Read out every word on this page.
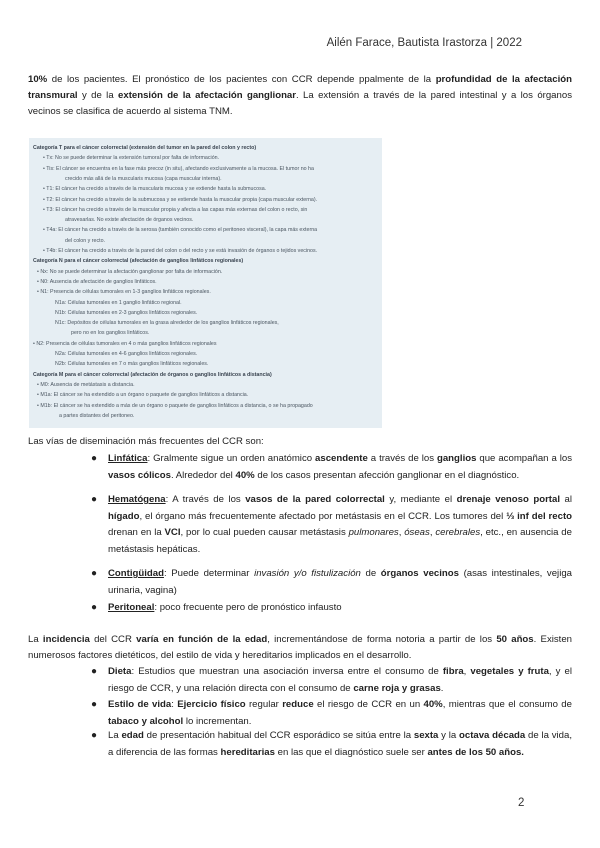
Ailén Farace, Bautista Irastorza | 2022
10% de los pacientes. El pronóstico de los pacientes con CCR depende ppalmente de la profundidad de la afectación transmural y de la extensión de la afectación ganglionar. La extensión a través de la pared intestinal y a los órganos vecinos se clasifica de acuerdo al sistema TNM.
Categoría T para el cáncer colorrectal (extensión del tumor en la pared del colon y recto)
• Tx: No se puede determinar la extensión tumoral por falta de información.
• Tis: El cáncer se encuentra en la fase más precoz (in situ), afectando exclusivamente a la mucosa. El tumor no ha
crecido más allá de la muscularis mucosa (capa muscular interna).
• T1: El cáncer ha crecido a través de la muscularis mucosa y se extiende hasta la submucosa.
• T2: El cáncer ha crecido a través de la submucosa y se extiende hasta la muscular propia (capa muscular externa).
• T3: El cáncer ha crecido a través de la muscular propia y afecta a las capas más externas del colon o recto, sin
atravesarlas. No existe afectación de órganos vecinos.
• T4a: El cáncer ha crecido a través de la serosa (también conocido como el peritoneo visceral), la capa más externa
del colon y recto.
• T4b: El cáncer ha crecido a través de la pared del colon o del recto y se está invasión de órganos o tejidos vecinos.
Categoría N para el cáncer colorrectal (afectación de ganglios linfáticos regionales)
• Nx: No se puede determinar la afectación ganglionar por falta de información.
• N0: Ausencia de afectación de ganglios linfáticos.
• N1: Presencia de células tumorales en 1-3 ganglios linfáticos regionales.
N1a: Células tumorales en 1 ganglio linfático regional.
N1b: Células tumorales en 2-3 ganglios linfáticos regionales.
N1c: Depósitos de células tumorales en la grasa alrededor de los ganglios linfáticos regionales,
pero no en los ganglios linfáticos.
• N2: Presencia de células tumorales en 4 o más ganglios linfáticos regionales
N2a: Células tumorales en 4-6 ganglios linfáticos regionales.
N2b: Células tumorales en 7 o más ganglios linfáticos regionales.
Categoría M para el cáncer colorrectal (afectación de órganos o ganglios linfáticos a distancia)
• M0: Ausencia de metástasis a distancia.
• M1a: El cáncer se ha extendido a un órgano o paquete de ganglios linfáticos a distancia.
• M1b: El cáncer se ha extendido a más de un órgano o paquete de ganglios linfáticos a distancia, o se ha propagado
a partes distantes del peritoneo.
Las vías de diseminación más frecuentes del CCR son:
● Linfática: Gralmente sigue un orden anatómico ascendente a través de los ganglios que acompañan a los vasos cólicos. Alrededor del 40% de los casos presentan afección ganglionar en el diagnóstico.
● Hematógena: A través de los vasos de la pared colorrectal y, mediante el drenaje venoso portal al hígado, el órgano más frecuentemente afectado por metástasis en el CCR. Los tumores del ⅓ inf del recto drenan en la VCI, por lo cual pueden causar metástasis pulmonares, óseas, cerebrales, etc., en ausencia de metástasis hepáticas.
● Contigüidad: Puede determinar invasión y/o fistulización de órganos vecinos (asas intestinales, vejiga urinaria, vagina)
● Peritoneal: poco frecuente pero de pronóstico infausto
La incidencia del CCR varía en función de la edad, incrementándose de forma notoria a partir de los 50 años. Existen numerosos factores dietéticos, del estilo de vida y hereditarios implicados en el desarrollo.
● Dieta: Estudios que muestran una asociación inversa entre el consumo de fibra, vegetales y fruta, y el riesgo de CCR, y una relación directa con el consumo de carne roja y grasas.
● Estilo de vida: Ejercicio físico regular reduce el riesgo de CCR en un 40%, mientras que el consumo de tabaco y alcohol lo incrementan.
● La edad de presentación habitual del CCR esporádico se sitúa entre la sexta y la octava década de la vida, a diferencia de las formas hereditarias en las que el diagnóstico suele ser antes de los 50 años.
2
